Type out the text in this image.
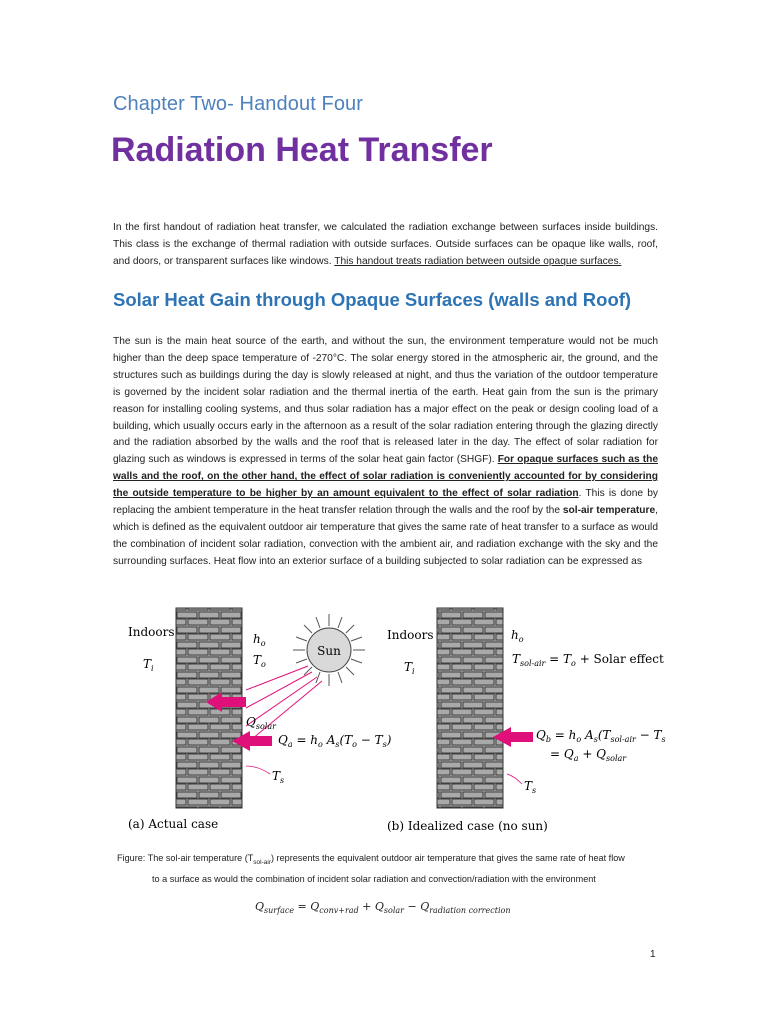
Chapter Two- Handout Four
Radiation Heat Transfer
In the first handout of radiation heat transfer, we calculated the radiation exchange between surfaces inside buildings. This class is the exchange of thermal radiation with outside surfaces. Outside surfaces can be opaque like walls, roof, and doors, or transparent surfaces like windows. This handout treats radiation between outside opaque surfaces.
Solar Heat Gain through Opaque Surfaces (walls and Roof)
The sun is the main heat source of the earth, and without the sun, the environment temperature would not be much higher than the deep space temperature of -270°C. The solar energy stored in the atmospheric air, the ground, and the structures such as buildings during the day is slowly released at night, and thus the variation of the outdoor temperature is governed by the incident solar radiation and the thermal inertia of the earth. Heat gain from the sun is the primary reason for installing cooling systems, and thus solar radiation has a major effect on the peak or design cooling load of a building, which usually occurs early in the afternoon as a result of the solar radiation entering through the glazing directly and the radiation absorbed by the walls and the roof that is released later in the day. The effect of solar radiation for glazing such as windows is expressed in terms of the solar heat gain factor (SHGF). For opaque surfaces such as the walls and the roof, on the other hand, the effect of solar radiation is conveniently accounted for by considering the outside temperature to be higher by an amount equivalent to the effect of solar radiation. This is done by replacing the ambient temperature in the heat transfer relation through the walls and the roof by the sol-air temperature, which is defined as the equivalent outdoor air temperature that gives the same rate of heat transfer to a surface as would the combination of incident solar radiation, convection with the ambient air, and radiation exchange with the sky and the surrounding surfaces. Heat flow into an exterior surface of a building subjected to solar radiation can be expressed as
Indoors
$T_i$
$h_o$
$T_o$
Sun
$Q_{solar}$
$Q_a = h_o$ $A_s(T_o - T_s)$
$T_s$
(a) Actual case
Indoors
$T_i$
$h_o$
$T_{sol-air} = T_o$ + Solar effect
$Q_b = h_o$ $A_s(T_{sol-air} - T_s$
= $Q_a + Q_{solar}$
$T_s$
(b) Idealized case (no sun)
Figure: The sol-air temperature $(T_{sol-air})$ represents the equivalent outdoor air temperature that gives the same rate of heat flow
to a surface as would the combination of incident solar radiation and convection/radiation with the environment
$Q_{surface} = Q_{conv+rad} + Q_{solar} - Q_{radiation correction}$
1
